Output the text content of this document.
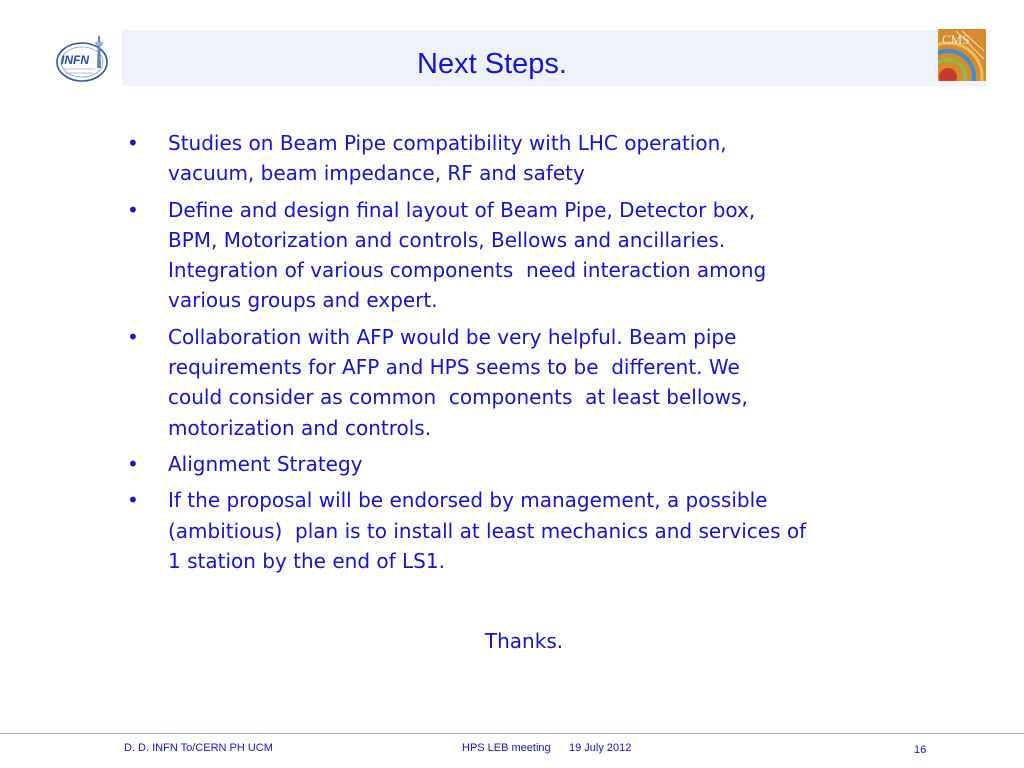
INFN
CMS
Next Steps.
•	Studies on Beam Pipe compatibility with LHC operation,
vacuum, beam impedance, RF and safety
•	Define and design final layout of Beam Pipe, Detector box,
BPM, Motorization and controls, Bellows and ancillaries.
Integration of various components  need interaction among
various groups and expert.
•	Collaboration with AFP would be very helpful. Beam pipe
requirements for AFP and HPS seems to be  different. We
could consider as common  components  at least bellows,
motorization and controls.
•	Alignment Strategy
•	If the proposal will be endorsed by management, a possible
(ambitious)  plan is to install at least mechanics and services of
1 station by the end of LS1.
Thanks.
D. D. INFN To/CERN PH UCM	HPS LEB meeting      19 July 2012	16
